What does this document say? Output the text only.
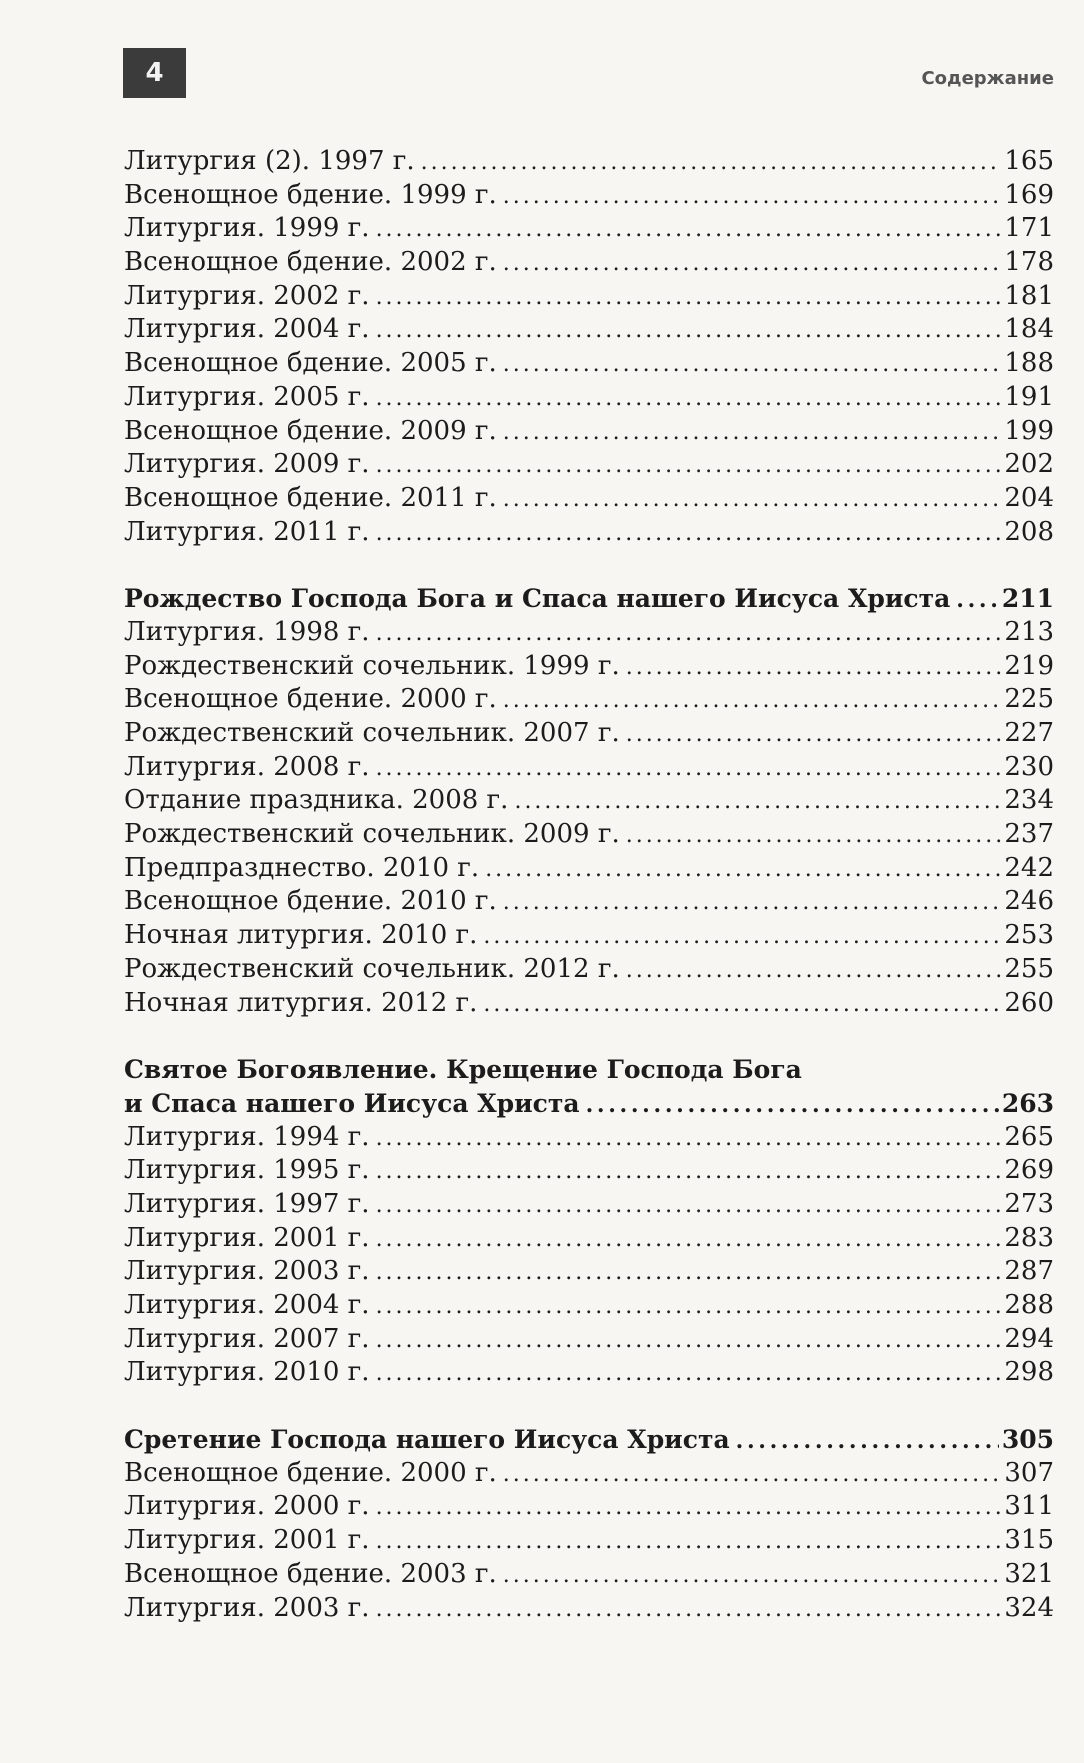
4	Содержание
Литургия (2). 1997 г. . . .	165
Всенощное бдение. 1999 г. . . .	169
Литургия. 1999 г. . . .	171
Всенощное бдение. 2002 г. . . .	178
Литургия. 2002 г. . . .	181
Литургия. 2004 г. . . .	184
Всенощное бдение. 2005 г. . . .	188
Литургия. 2005 г. . . .	191
Всенощное бдение. 2009 г. . . .	199
Литургия. 2009 г. . . .	202
Всенощное бдение. 2011 г. . . .	204
Литургия. 2011 г. . . .	208
Рождество Господа Бога и Спаса нашего Иисуса Христа . . . 211
Литургия. 1998 г. . . .	213
Рождественский сочельник. 1999 г. . . .	219
Всенощное бдение. 2000 г. . . .	225
Рождественский сочельник. 2007 г. . . .	227
Литургия. 2008 г. . . .	230
Отдание праздника. 2008 г. . . .	234
Рождественский сочельник. 2009 г. . . .	237
Предпразднество. 2010 г. . . .	242
Всенощное бдение. 2010 г. . . .	246
Ночная литургия. 2010 г. . . .	253
Рождественский сочельник. 2012 г. . . .	255
Ночная литургия. 2012 г. . . .	260
Святое Богоявление. Крещение Господа Бога
и Спаса нашего Иисуса Христа . . .	263
Литургия. 1994 г. . . .	265
Литургия. 1995 г. . . .	269
Литургия. 1997 г. . . .	273
Литургия. 2001 г. . . .	283
Литургия. 2003 г. . . .	287
Литургия. 2004 г. . . .	288
Литургия. 2007 г. . . .	294
Литургия. 2010 г. . . .	298
Сретение Господа нашего Иисуса Христа . . .	305
Всенощное бдение. 2000 г. . . .	307
Литургия. 2000 г. . . .	311
Литургия. 2001 г. . . .	315
Всенощное бдение. 2003 г. . . .	321
Литургия. 2003 г. . . .	324
